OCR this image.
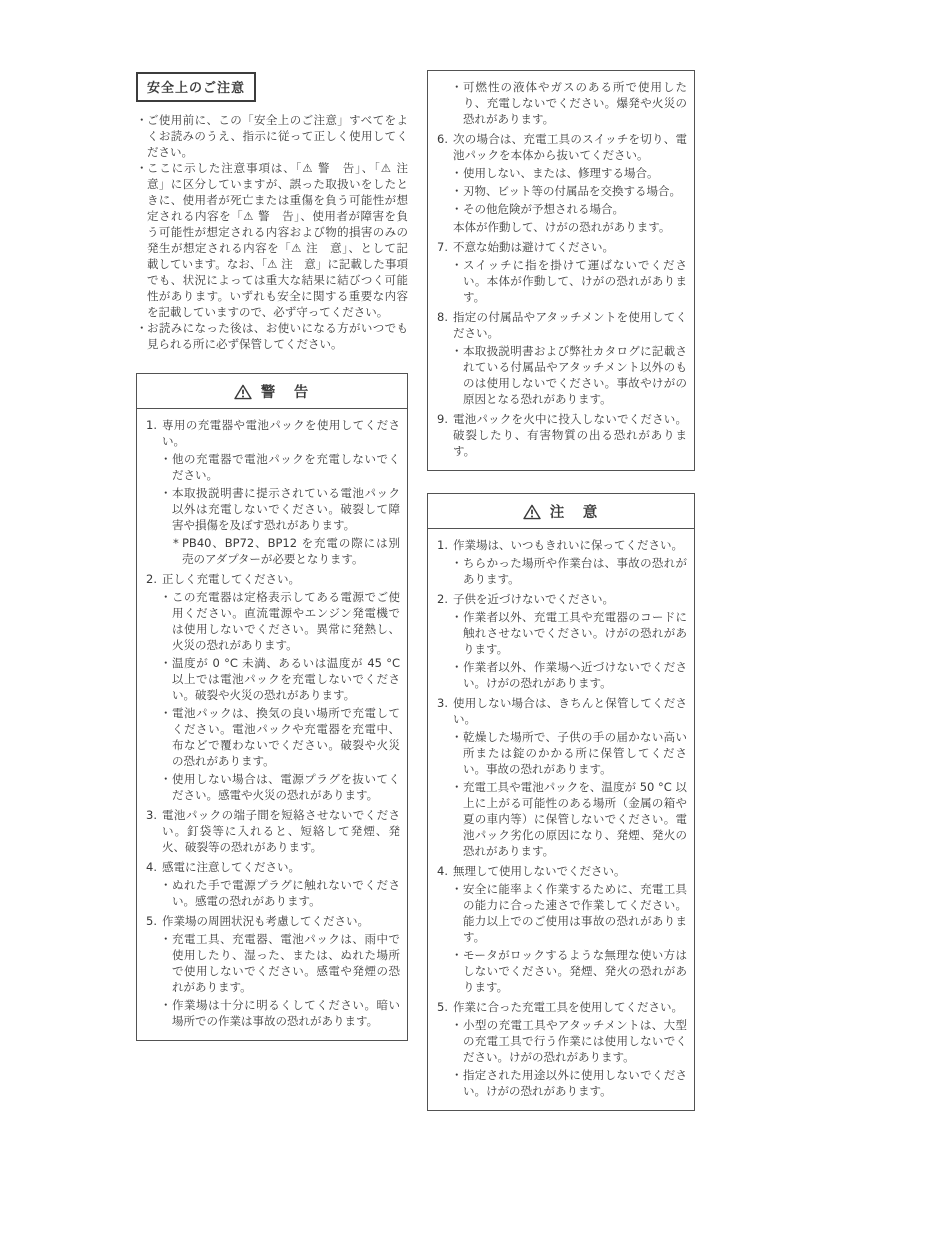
安全上のご注意
・ ご使用前に、この「安全上のご注意」すべてをよくお読みのうえ、指示に従って正しく使用してください。
・ ここに示した注意事項は、「⚠ 警　告」、「⚠ 注　意」に区分していますが、誤った取扱いをしたときに、使用者が死亡または重傷を負う可能性が想定される内容を「⚠ 警　告」、使用者が障害を負う可能性が想定される内容および物的損害のみの発生が想定される内容を「⚠ 注　意」、として記載しています。なお、「⚠ 注　意」に記載した事項でも、状況によっては重大な結果に結びつく可能性があります。いずれも安全に関する重要な内容を記載していますので、必ず守ってください。
・ お読みになった後は、お使いになる方がいつでも見られる所に必ず保管してください。
警　告
1. 専用の充電器や電池パックを使用してください。
・ 他の充電器で電池パックを充電しないでください。
・ 本取扱説明書に提示されている電池パック以外は充電しないでください。破裂して障害や損傷を及ぼす恐れがあります。
* PB40、BP72、BP12 を充電の際には別売のアダプターが必要となります。
2. 正しく充電してください。
・ この充電器は定格表示してある電源でご使用ください。直流電源やエンジン発電機では使用しないでください。異常に発熱し、火災の恐れがあります。
・ 温度が 0 °C 未満、あるいは温度が 45 °C 以上では電池パックを充電しないでください。破裂や火災の恐れがあります。
・ 電池パックは、換気の良い場所で充電してください。電池パックや充電器を充電中、布などで覆わないでください。破裂や火災の恐れがあります。
・ 使用しない場合は、電源プラグを抜いてください。感電や火災の恐れがあります。
3. 電池パックの端子間を短絡させないでください。釘袋等に入れると、短絡して発煙、発火、破裂等の恐れがあります。
4. 感電に注意してください。
・ ぬれた手で電源プラグに触れないでください。感電の恐れがあります。
5. 作業場の周囲状況も考慮してください。
・ 充電工具、充電器、電池パックは、雨中で使用したり、湿った、または、ぬれた場所で使用しないでください。感電や発煙の恐れがあります。
・ 作業場は十分に明るくしてください。暗い場所での作業は事故の恐れがあります。
・ 可燃性の液体やガスのある所で使用したり、充電しないでください。爆発や火災の恐れがあります。
6. 次の場合は、充電工具のスイッチを切り、電池パックを本体から抜いてください。
・ 使用しない、または、修理する場合。
・ 刃物、ビット等の付属品を交換する場合。
・ その他危険が予想される場合。
本体が作動して、けがの恐れがあります。
7. 不意な始動は避けてください。
・ スイッチに指を掛けて運ばないでください。本体が作動して、けがの恐れがあります。
8. 指定の付属品やアタッチメントを使用してください。
・ 本取扱説明書および弊社カタログに記載されている付属品やアタッチメント以外のものは使用しないでください。事故やけがの原因となる恐れがあります。
9. 電池パックを火中に投入しないでください。破裂したり、有害物質の出る恐れがあります。
注　意
1. 作業場は、いつもきれいに保ってください。
・ ちらかった場所や作業台は、事故の恐れがあります。
2. 子供を近づけないでください。
・ 作業者以外、充電工具や充電器のコードに触れさせないでください。けがの恐れがあります。
・ 作業者以外、作業場へ近づけないでください。けがの恐れがあります。
3. 使用しない場合は、きちんと保管してください。
・ 乾燥した場所で、子供の手の届かない高い所または錠のかかる所に保管してください。事故の恐れがあります。
・ 充電工具や電池パックを、温度が 50 °C 以上に上がる可能性のある場所（金属の箱や夏の車内等）に保管しないでください。電池パック劣化の原因になり、発煙、発火の恐れがあります。
4. 無理して使用しないでください。
・ 安全に能率よく作業するために、充電工具の能力に合った速さで作業してください。能力以上でのご使用は事故の恐れがあります。
・ モータがロックするような無理な使い方はしないでください。発煙、発火の恐れがあります。
5. 作業に合った充電工具を使用してください。
・ 小型の充電工具やアタッチメントは、大型の充電工具で行う作業には使用しないでください。けがの恐れがあります。
・ 指定された用途以外に使用しないでください。けがの恐れがあります。
